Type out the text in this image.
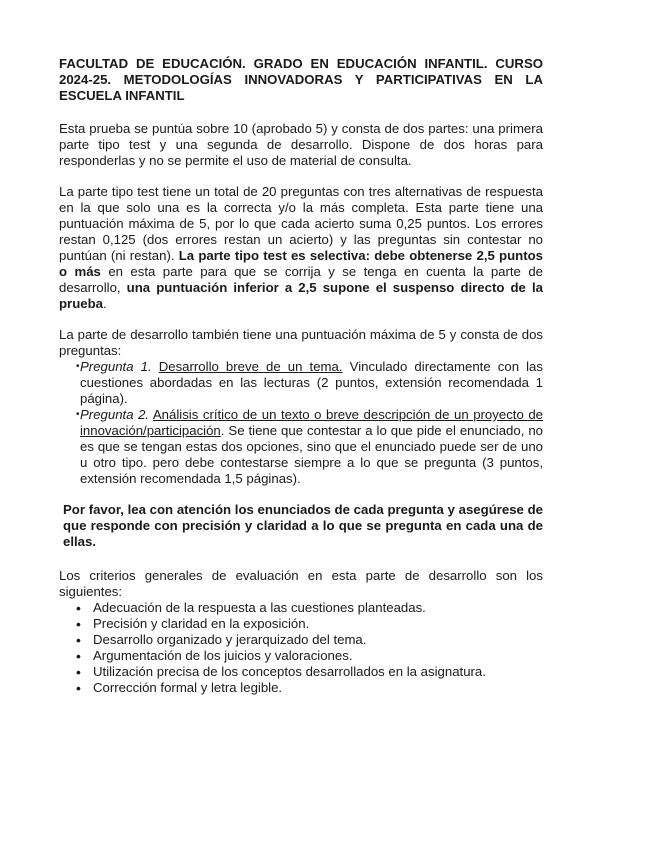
FACULTAD DE EDUCACIÓN. GRADO EN EDUCACIÓN INFANTIL. CURSO 2024-25. METODOLOGÍAS INNOVADORAS Y PARTICIPATIVAS EN LA ESCUELA INFANTIL

Esta prueba se puntúa sobre 10 (aprobado 5) y consta de dos partes: una primera parte tipo test y una segunda de desarrollo. Dispone de dos horas para responderlas y no se permite el uso de material de consulta.

La parte tipo test tiene un total de 20 preguntas con tres alternativas de respuesta en la que solo una es la correcta y/o la más completa. Esta parte tiene una puntuación máxima de 5, por lo que cada acierto suma 0,25 puntos. Los errores restan 0,125 (dos errores restan un acierto) y las preguntas sin contestar no puntúan (ni restan). La parte tipo test es selectiva: debe obtenerse 2,5 puntos o más en esta parte para que se corrija y se tenga en cuenta la parte de desarrollo, una puntuación inferior a 2,5 supone el suspenso directo de la prueba.

La parte de desarrollo también tiene una puntuación máxima de 5 y consta de dos preguntas:

• Pregunta 1. Desarrollo breve de un tema. Vinculado directamente con las cuestiones abordadas en las lecturas (2 puntos, extensión recomendada 1 página).
• Pregunta 2. Análisis crítico de un texto o breve descripción de un proyecto de innovación/participación. Se tiene que contestar a lo que pide el enunciado, no es que se tengan estas dos opciones, sino que el enunciado puede ser de uno u otro tipo. pero debe contestarse siempre a lo que se pregunta (3 puntos, extensión recomendada 1,5 páginas).

Por favor, lea con atención los enunciados de cada pregunta y asegúrese de que responde con precisión y claridad a lo que se pregunta en cada una de ellas.

Los criterios generales de evaluación en esta parte de desarrollo son los siguientes:

• Adecuación de la respuesta a las cuestiones planteadas.
• Precisión y claridad en la exposición.
• Desarrollo organizado y jerarquizado del tema.
• Argumentación de los juicios y valoraciones.
• Utilización precisa de los conceptos desarrollados en la asignatura.
• Corrección formal y letra legible.
